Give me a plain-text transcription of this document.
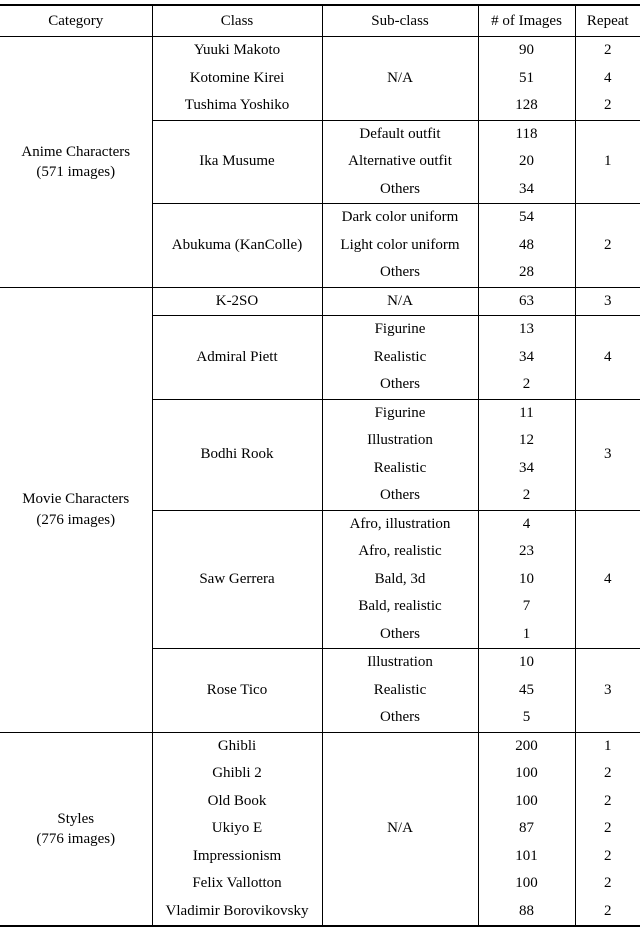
Category	Class	Sub-class	# of Images	Repeat

Anime Characters
(571 images)	Yuuki Makoto	N/A	90	2
	Kotomine Kirei		51	4
	Tushima Yoshiko		128	2
	Ika Musume	Default outfit	118	1
		Alternative outfit	20	
		Others	34	
	Abukuma (KanColle)	Dark color uniform	54	2
		Light color uniform	48	
		Others	28	

Movie Characters
(276 images)	K-2SO	N/A	63	3
	Admiral Piett	Figurine	13	4
		Realistic	34	
		Others	2	
	Bodhi Rook	Figurine	11	3
		Illustration	12	
		Realistic	34	
		Others	2	
	Saw Gerrera	Afro, illustration	4	4
		Afro, realistic	23	
		Bald, 3d	10	
		Bald, realistic	7	
		Others	1	
	Rose Tico	Illustration	10	3
		Realistic	45	
		Others	5	

Styles
(776 images)	Ghibli	N/A	200	1
	Ghibli 2		100	2
	Old Book		100	2
	Ukiyo E		87	2
	Impressionism		101	2
	Felix Vallotton		100	2
	Vladimir Borovikovsky		88	2
